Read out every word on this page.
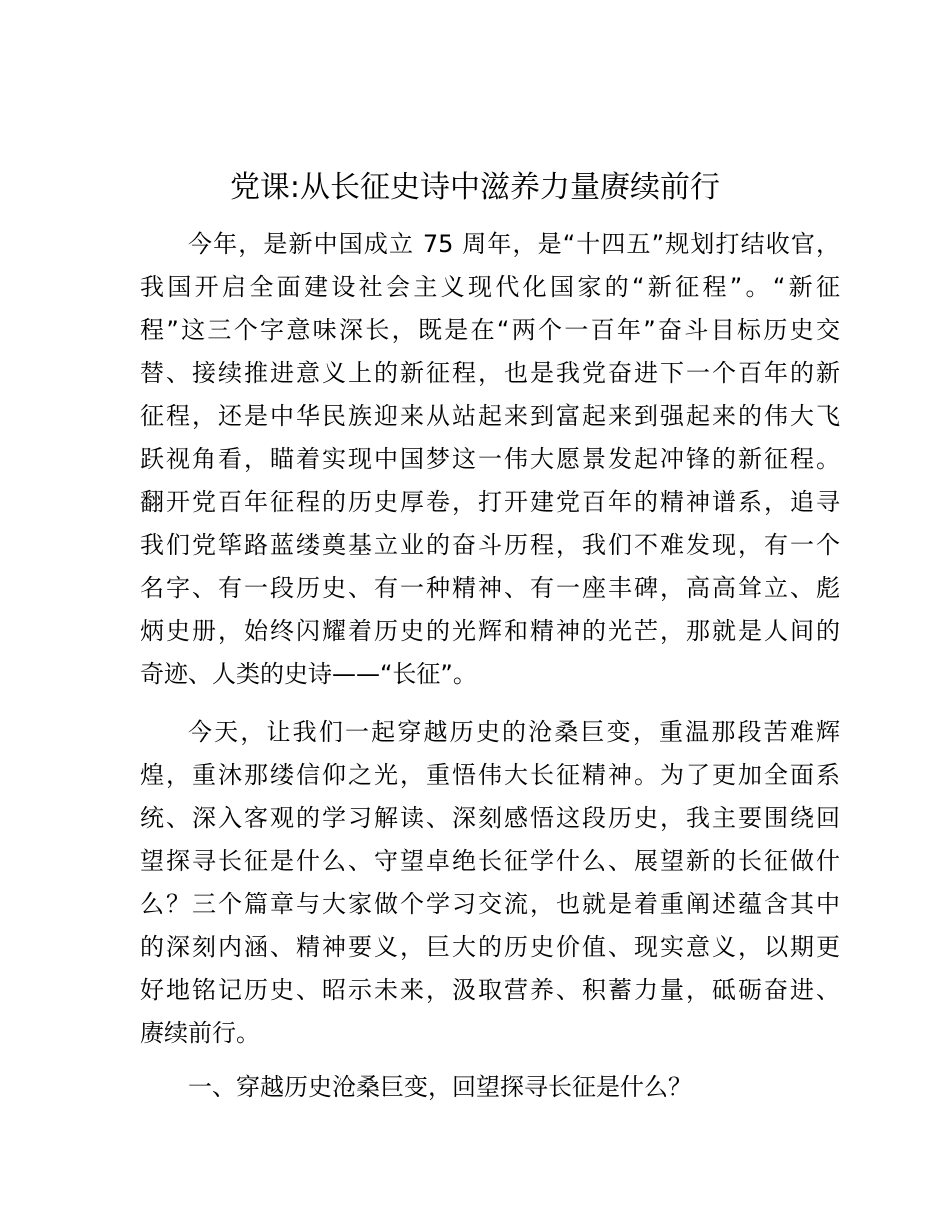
党课:从长征史诗中滋养力量赓续前行
今年，是新中国成立 75 周年，是“十四五”规划打结收官，
我国开启全面建设社会主义现代化国家的“新征程”。“新征
程”这三个字意味深长，既是在“两个一百年”奋斗目标历史交
替、接续推进意义上的新征程，也是我党奋进下一个百年的新
征程，还是中华民族迎来从站起来到富起来到强起来的伟大飞
跃视角看，瞄着实现中国梦这一伟大愿景发起冲锋的新征程。
翻开党百年征程的历史厚卷，打开建党百年的精神谱系，追寻
我们党筚路蓝缕奠基立业的奋斗历程，我们不难发现，有一个
名字、有一段历史、有一种精神、有一座丰碑，高高耸立、彪
炳史册，始终闪耀着历史的光辉和精神的光芒，那就是人间的
奇迹、人类的史诗——“长征”。
今天，让我们一起穿越历史的沧桑巨变，重温那段苦难辉
煌，重沐那缕信仰之光，重悟伟大长征精神。为了更加全面系
统、深入客观的学习解读、深刻感悟这段历史，我主要围绕回
望探寻长征是什么、守望卓绝长征学什么、展望新的长征做什
么？三个篇章与大家做个学习交流，也就是着重阐述蕴含其中
的深刻内涵、精神要义，巨大的历史价值、现实意义，以期更
好地铭记历史、昭示未来，汲取营养、积蓄力量，砥砺奋进、
赓续前行。
一、穿越历史沧桑巨变，回望探寻长征是什么？
